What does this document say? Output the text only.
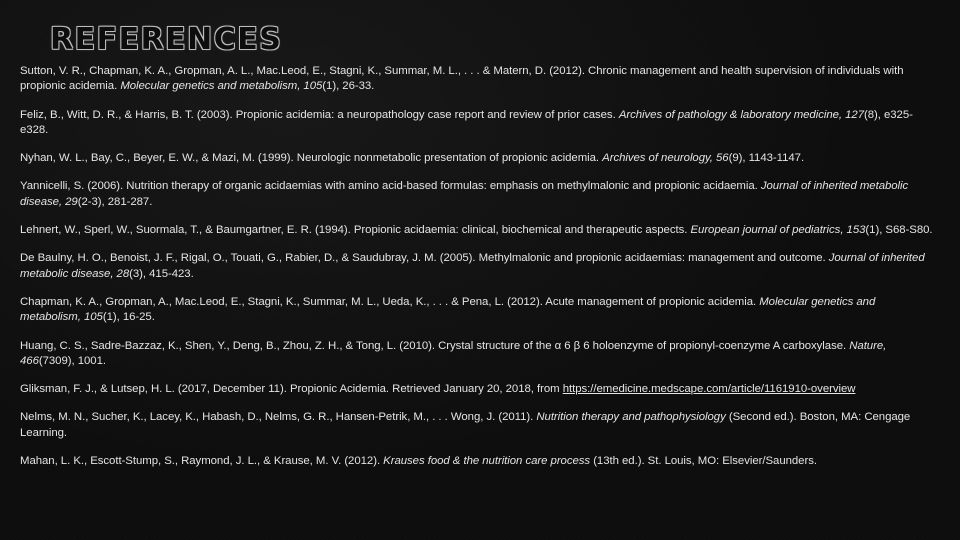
REFERENCES

Sutton, V. R., Chapman, K. A., Gropman, A. L., Mac.Leod, E., Stagni, K., Summar, M. L., . . . & Matern, D. (2012). Chronic management and health supervision of individuals with propionic acidemia. Molecular genetics and metabolism, 105(1), 26-33.

Feliz, B., Witt, D. R., & Harris, B. T. (2003). Propionic acidemia: a neuropathology case report and review of prior cases. Archives of pathology & laboratory medicine, 127(8), e325-e328.

Nyhan, W. L., Bay, C., Beyer, E. W., & Mazi, M. (1999). Neurologic nonmetabolic presentation of propionic acidemia. Archives of neurology, 56(9), 1143-1147.

Yannicelli, S. (2006). Nutrition therapy of organic acidaemias with amino acid-based formulas: emphasis on methylmalonic and propionic acidaemia. Journal of inherited metabolic disease, 29(2-3), 281-287.

Lehnert, W., Sperl, W., Suormala, T., & Baumgartner, E. R. (1994). Propionic acidaemia: clinical, biochemical and therapeutic aspects. European journal of pediatrics, 153(1), S68-S80.

De Baulny, H. O., Benoist, J. F., Rigal, O., Touati, G., Rabier, D., & Saudubray, J. M. (2005). Methylmalonic and propionic acidaemias: management and outcome. Journal of inherited metabolic disease, 28(3), 415-423.

Chapman, K. A., Gropman, A., Mac.Leod, E., Stagni, K., Summar, M. L., Ueda, K., . . . & Pena, L. (2012). Acute management of propionic acidemia. Molecular genetics and metabolism, 105(1), 16-25.

Huang, C. S., Sadre-Bazzaz, K., Shen, Y., Deng, B., Zhou, Z. H., & Tong, L. (2010). Crystal structure of the α 6 β 6 holoenzyme of propionyl-coenzyme A carboxylase. Nature, 466(7309), 1001.

Gliksman, F. J., & Lutsep, H. L. (2017, December 11). Propionic Acidemia. Retrieved January 20, 2018, from https://emedicine.medscape.com/article/1161910-overview

Nelms, M. N., Sucher, K., Lacey, K., Habash, D., Nelms, G. R., Hansen-Petrik, M., . . . Wong, J. (2011). Nutrition therapy and pathophysiology (Second ed.). Boston, MA: Cengage Learning.

Mahan, L. K., Escott-Stump, S., Raymond, J. L., & Krause, M. V. (2012). Krauses food & the nutrition care process (13th ed.). St. Louis, MO: Elsevier/Saunders.
